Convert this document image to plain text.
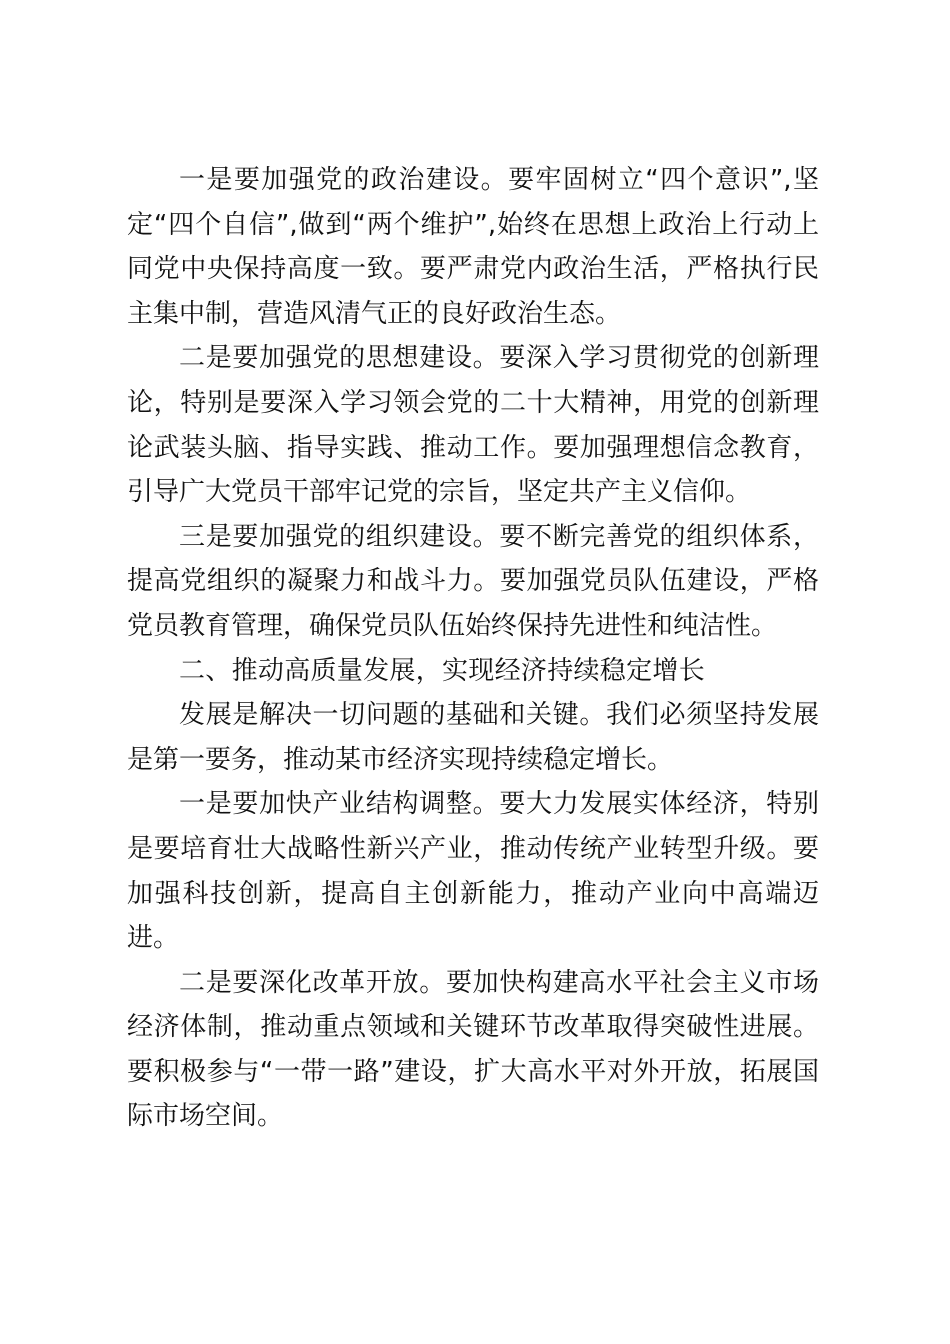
一是要加强党的政治建设。要牢固树立“四个意识”,坚定“四个自信”,做到“两个维护”,始终在思想上政治上行动上同党中央保持高度一致。要严肃党内政治生活，严格执行民主集中制，营造风清气正的良好政治生态。

二是要加强党的思想建设。要深入学习贯彻党的创新理论，特别是要深入学习领会党的二十大精神，用党的创新理论武装头脑、指导实践、推动工作。要加强理想信念教育，引导广大党员干部牢记党的宗旨，坚定共产主义信仰。

三是要加强党的组织建设。要不断完善党的组织体系，提高党组织的凝聚力和战斗力。要加强党员队伍建设，严格党员教育管理，确保党员队伍始终保持先进性和纯洁性。

二、推动高质量发展，实现经济持续稳定增长

发展是解决一切问题的基础和关键。我们必须坚持发展是第一要务，推动某市经济实现持续稳定增长。

一是要加快产业结构调整。要大力发展实体经济，特别是要培育壮大战略性新兴产业，推动传统产业转型升级。要加强科技创新，提高自主创新能力，推动产业向中高端迈进。

二是要深化改革开放。要加快构建高水平社会主义市场经济体制，推动重点领域和关键环节改革取得突破性进展。要积极参与“一带一路”建设，扩大高水平对外开放，拓展国际市场空间。
